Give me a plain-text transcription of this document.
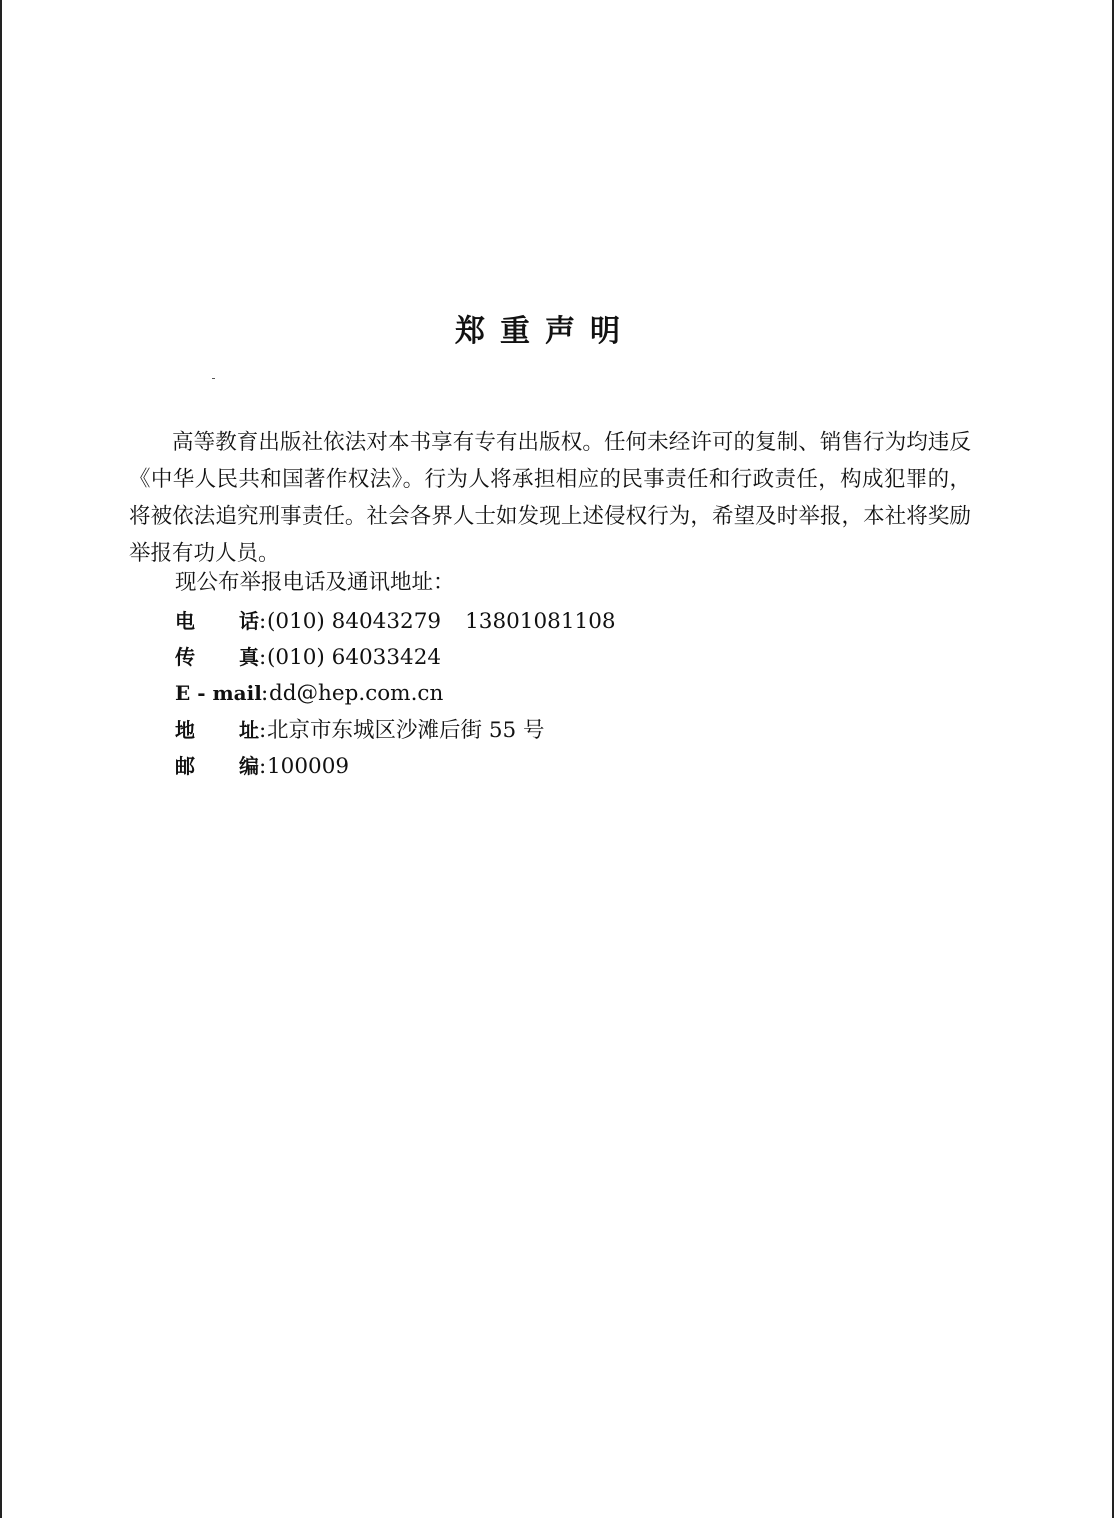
郑重声明

高等教育出版社依法对本书享有专有出版权。任何未经许可的复制、销售行为均违反《中华人民共和国著作权法》。行为人将承担相应的民事责任和行政责任，构成犯罪的，将被依法追究刑事责任。社会各界人士如发现上述侵权行为，希望及时举报，本社将奖励举报有功人员。

现公布举报电话及通讯地址：

电话:(010) 84043279 13801081108
传真:(010) 64033424
E - mail:dd@hep.com.cn
地址:北京市东城区沙滩后街 55 号
邮编:100009
